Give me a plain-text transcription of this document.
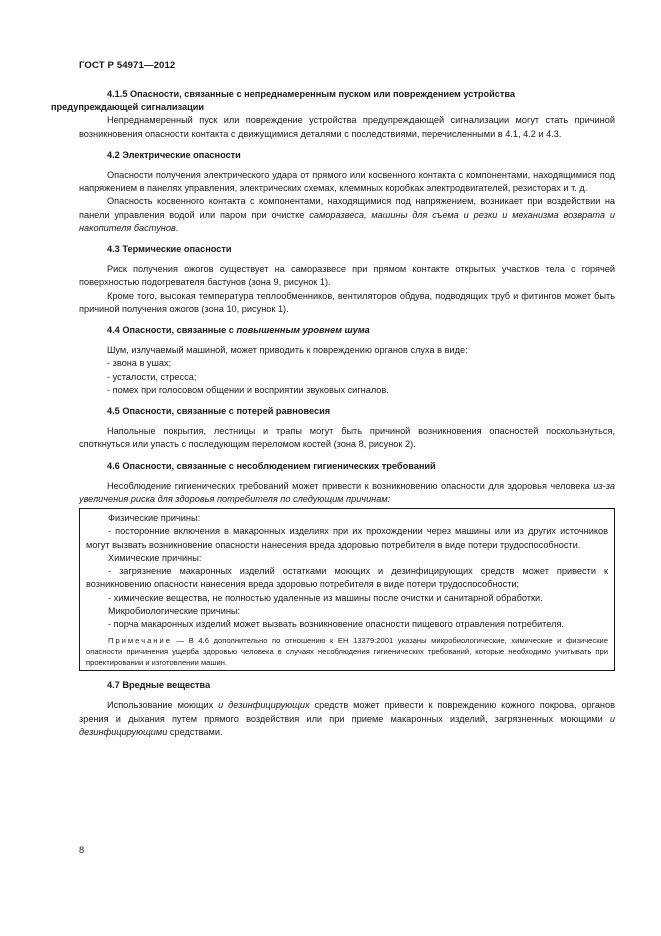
ГОСТ Р 54971—2012

4.1.5 Опасности, связанные с непреднамеренным пуском или повреждением устройства
предупреждающей сигнализации

Непреднамеренный пуск или повреждение устройства предупреждающей сигнализации могут стать причиной возникновения опасности контакта с движущимися деталями с последствиями, перечисленными в 4.1, 4.2 и 4.3.

4.2 Электрические опасности

Опасности получения электрического удара от прямого или косвенного контакта с компонентами, находящимися под напряжением в панелях управления, электрических схемах, клеммных коробках электродвигателей, резисторах и т. д.

Опасность косвенного контакта с компонентами, находящимися под напряжением, возникает при воздействии на панели управления водой или паром при очистке саморазвеса, машины для съема и резки и механизма возврата и накопителя бастунов.

4.3 Термические опасности

Риск получения ожогов существует на саморазвесе при прямом контакте открытых участков тела с горячей поверхностью подогревателя бастунов (зона 9, рисунок 1).

Кроме того, высокая температура теплообменников, вентиляторов обдува, подводящих труб и фитингов может быть причиной получения ожогов (зона 10, рисунок 1).

4.4 Опасности, связанные с повышенным уровнем шума

Шум, излучаемый машиной, может приводить к повреждению органов слуха в виде:

- звона в ушах;

- усталости, стресса;

- помех при голосовом общении и восприятии звуковых сигналов.

4.5 Опасности, связанные с потерей равновесия

Напольные покрытия, лестницы и трапы могут быть причиной возникновения опасностей поскользнуться, споткнуться или упасть с последующим переломом костей (зона 8, рисунок 2).

4.6 Опасности, связанные с несоблюдением гигиенических требований

Несоблюдение гигиенических требований может привести к возникновению опасности для здоровья человека из-за увеличения риска для здоровья потребителя по следующим причинам:

Физические причины:

- посторонние включения в макаронных изделиях при их прохождении через машины или из других источников могут вызвать возникновение опасности нанесения вреда здоровью потребителя в виде потери трудоспособности.

Химические причины:

- загрязнение макаронных изделий остатками моющих и дезинфицирующих средств может привести к возникновению опасности нанесения вреда здоровью потребителя в виде потери трудоспособности;

- химические вещества, не полностью удаленные из машины после очистки и санитарной обработки.

Микробиологические причины:

- порча макаронных изделий может вызвать возникновение опасности пищевого отравления потребителя.

Примечание — В 4.6 дополнительно по отношению к ЕН 13379:2001 указаны микробиологические, химические и физические опасности причинения ущерба здоровью человека в случаях несоблюдения гигиенических требований, которые необходимо учитывать при проектировании и изготовлении машин.

4.7 Вредные вещества

Использование моющих и дезинфицирующих средств может привести к повреждению кожного покрова, органов зрения и дыхания путем прямого воздействия или при приеме макаронных изделий, загрязненных моющими и дезинфицирующими средствами.

8
